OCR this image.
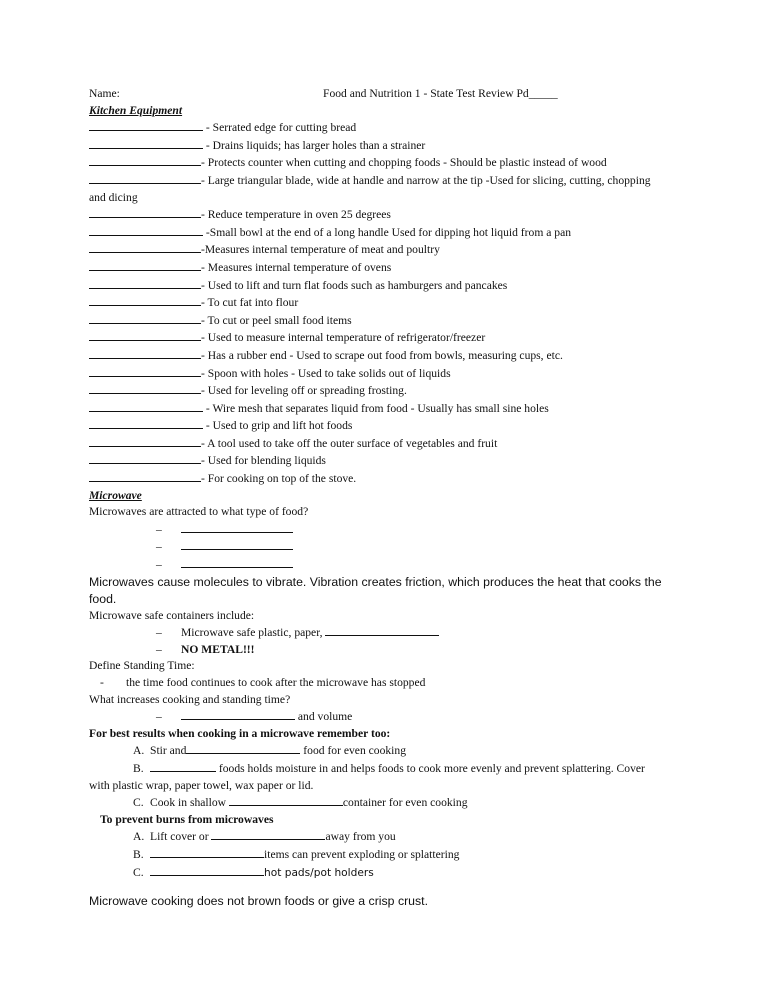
Name:	Food and Nutrition 1 - State Test Review Pd_____
Kitchen Equipment
- Serrated edge for cutting bread
- Drains liquids; has larger holes than a strainer
- Protects counter when cutting and chopping foods - Should be plastic instead of wood
- Large triangular blade, wide at handle and narrow at the tip -Used for slicing, cutting, chopping
and dicing
- Reduce temperature in oven 25 degrees
-Small bowl at the end of a long handle Used for dipping hot liquid from a pan
-Measures internal temperature of meat and poultry
- Measures internal temperature of ovens
- Used to lift and turn flat foods such as hamburgers and pancakes
- To cut fat into flour
- To cut or peel small food items
- Used to measure internal temperature of refrigerator/freezer
- Has a rubber end - Used to scrape out food from bowls, measuring cups, etc.
- Spoon with holes - Used to take solids out of liquids
- Used for leveling off or spreading frosting.
- Wire mesh that separates liquid from food - Usually has small sine holes
- Used to grip and lift hot foods
- A tool used to take off the outer surface of vegetables and fruit
- Used for blending liquids
- For cooking on top of the stove.
Microwave
Microwaves are attracted to what type of food?
–
–
–
Microwaves cause molecules to vibrate. Vibration creates friction, which produces the heat that cooks the food.
Microwave safe containers include:
– Microwave safe plastic, paper,
– NO METAL!!!
Define Standing Time:
- the time food continues to cook after the microwave has stopped
What increases cooking and standing time?
–	and volume
For best results when cooking in a microwave remember too:
A. Stir and	food for even cooking
B.	foods holds moisture in and helps foods to cook more evenly and prevent splattering. Cover
with plastic wrap, paper towel, wax paper or lid.
C. Cook in shallow	container for even cooking
To prevent burns from microwaves
A. Lift cover or	away from you
B.	items can prevent exploding or splattering
C.	hot pads/pot holders
Microwave cooking does not brown foods or give a crisp crust.
